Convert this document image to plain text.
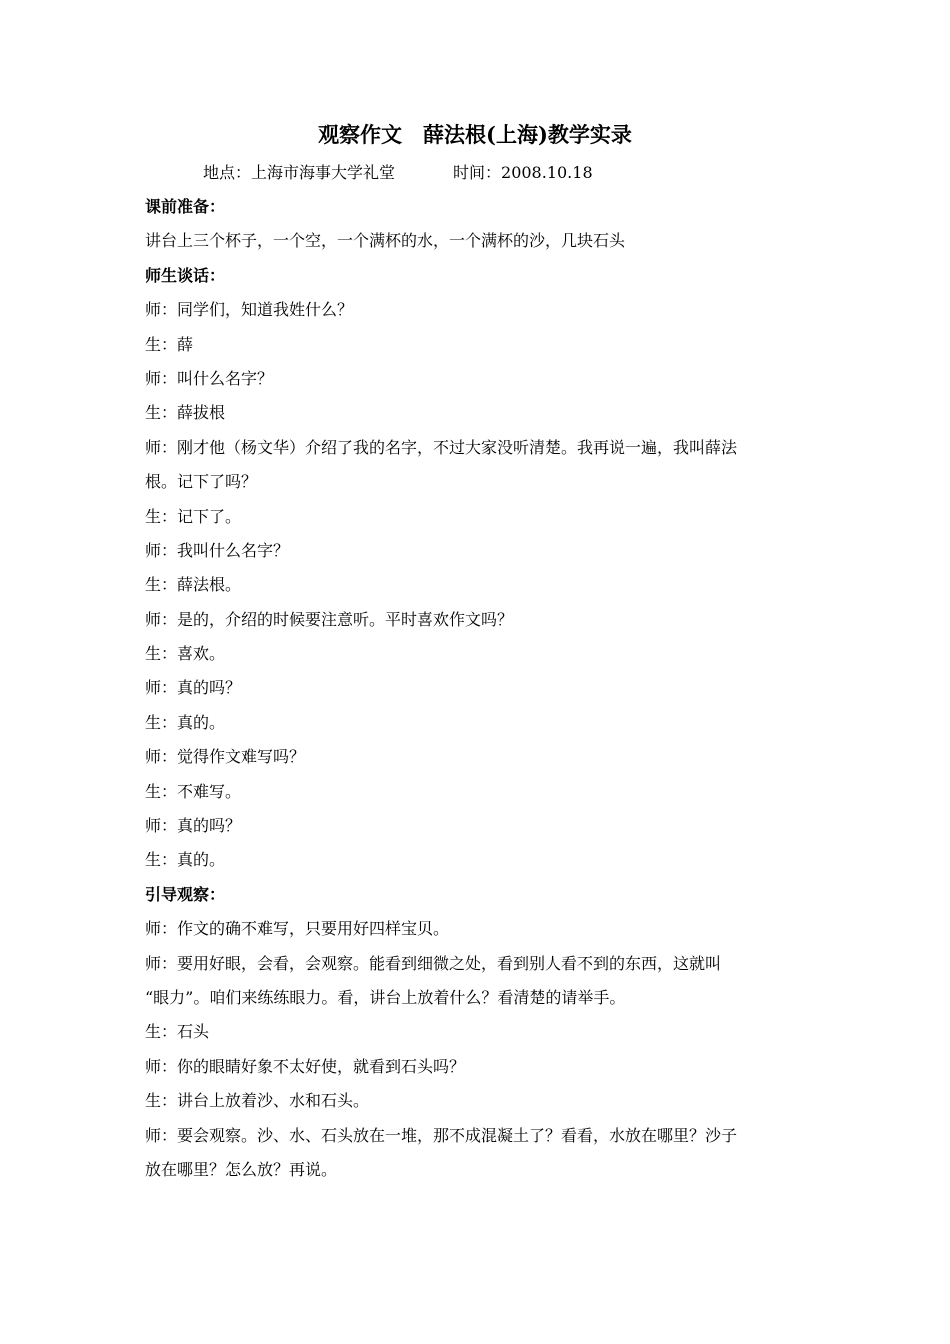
观察作文　薛法根(上海)教学实录
地点：上海市海事大学礼堂	时间：2008.10.18
课前准备：
讲台上三个杯子，一个空，一个满杯的水，一个满杯的沙，几块石头
师生谈话：
师：同学们，知道我姓什么？
生：薛
师：叫什么名字？
生：薛拔根
师：刚才他（杨文华）介绍了我的名字，不过大家没听清楚。我再说一遍，我叫薛法
根。记下了吗？
生：记下了。
师：我叫什么名字？
生：薛法根。
师：是的，介绍的时候要注意听。平时喜欢作文吗？
生：喜欢。
师：真的吗？
生：真的。
师：觉得作文难写吗？
生：不难写。
师：真的吗？
生：真的。
引导观察：
师：作文的确不难写，只要用好四样宝贝。
师：要用好眼，会看，会观察。能看到细微之处，看到别人看不到的东西，这就叫
“眼力”。咱们来练练眼力。看，讲台上放着什么？看清楚的请举手。
生：石头
师：你的眼睛好象不太好使，就看到石头吗？
生：讲台上放着沙、水和石头。
师：要会观察。沙、水、石头放在一堆，那不成混凝土了？看看，水放在哪里？沙子
放在哪里？怎么放？再说。
